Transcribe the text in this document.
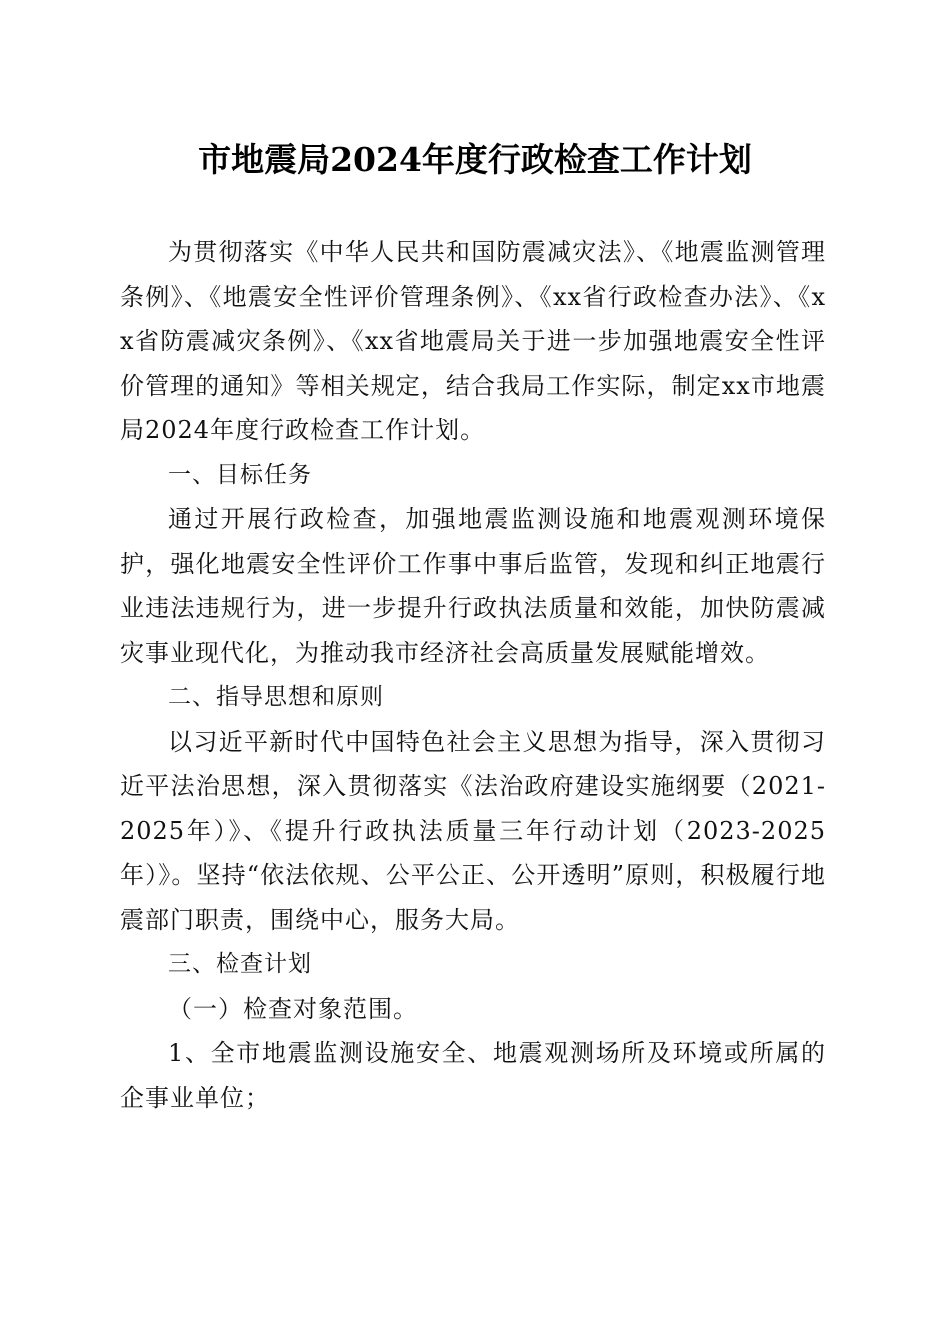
市地震局2024年度行政检查工作计划

为贯彻落实《中华人民共和国防震减灾法》、《地震监测管理条例》、《地震安全性评价管理条例》、《xx省行政检查办法》、《xx省防震减灾条例》、《xx省地震局关于进一步加强地震安全性评价管理的通知》等相关规定，结合我局工作实际，制定xx市地震局2024年度行政检查工作计划。

一、目标任务

通过开展行政检查，加强地震监测设施和地震观测环境保护，强化地震安全性评价工作事中事后监管，发现和纠正地震行业违法违规行为，进一步提升行政执法质量和效能，加快防震减灾事业现代化，为推动我市经济社会高质量发展赋能增效。

二、指导思想和原则

以习近平新时代中国特色社会主义思想为指导，深入贯彻习近平法治思想，深入贯彻落实《法治政府建设实施纲要（2021-2025年）》、《提升行政执法质量三年行动计划（2023-2025年）》。坚持“依法依规、公平公正、公开透明”原则，积极履行地震部门职责，围绕中心，服务大局。

三、检查计划

（一）检查对象范围。

1、全市地震监测设施安全、地震观测场所及环境或所属的企事业单位；
